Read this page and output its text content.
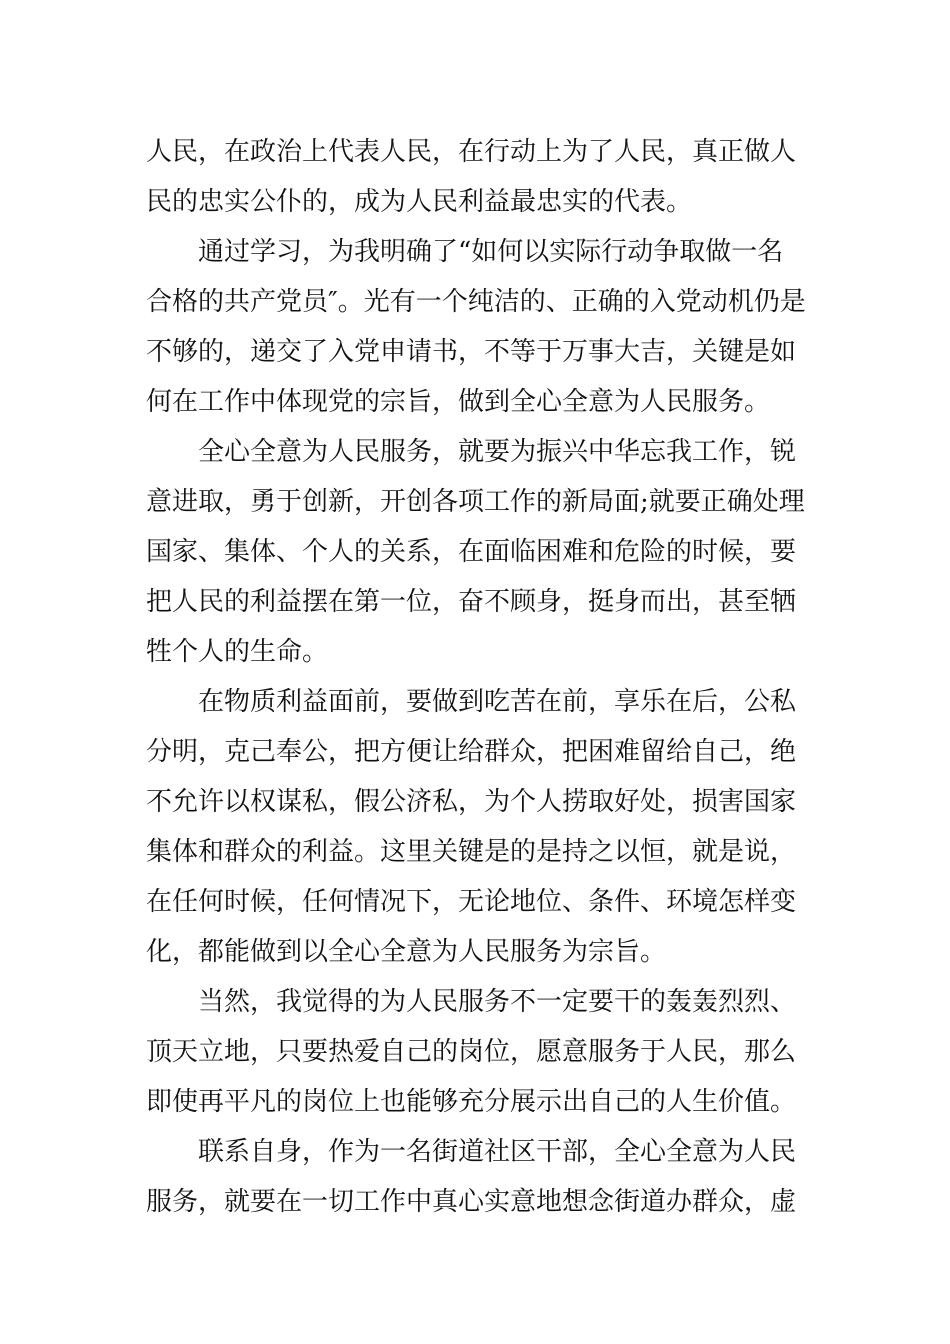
人民，在政治上代表人民，在行动上为了人民，真正做人
民的忠实公仆的，成为人民利益最忠实的代表。
通过学习，为我明确了“如何以实际行动争取做一名
合格的共产党员″。光有一个纯洁的、正确的入党动机仍是
不够的，递交了入党申请书，不等于万事大吉，关键是如
何在工作中体现党的宗旨，做到全心全意为人民服务。
全心全意为人民服务，就要为振兴中华忘我工作，锐
意进取，勇于创新，开创各项工作的新局面;就要正确处理
国家、集体、个人的关系，在面临困难和危险的时候，要
把人民的利益摆在第一位，奋不顾身，挺身而出，甚至牺
牲个人的生命。
在物质利益面前，要做到吃苦在前，享乐在后，公私
分明，克己奉公，把方便让给群众，把困难留给自己，绝
不允许以权谋私，假公济私，为个人捞取好处，损害国家
集体和群众的利益。这里关键是的是持之以恒，就是说，
在任何时候，任何情况下，无论地位、条件、环境怎样变
化，都能做到以全心全意为人民服务为宗旨。
当然，我觉得的为人民服务不一定要干的轰轰烈烈、
顶天立地，只要热爱自己的岗位，愿意服务于人民，那么
即使再平凡的岗位上也能够充分展示出自己的人生价值。
联系自身，作为一名街道社区干部，全心全意为人民
服务，就要在一切工作中真心实意地想念街道办群众，虚
